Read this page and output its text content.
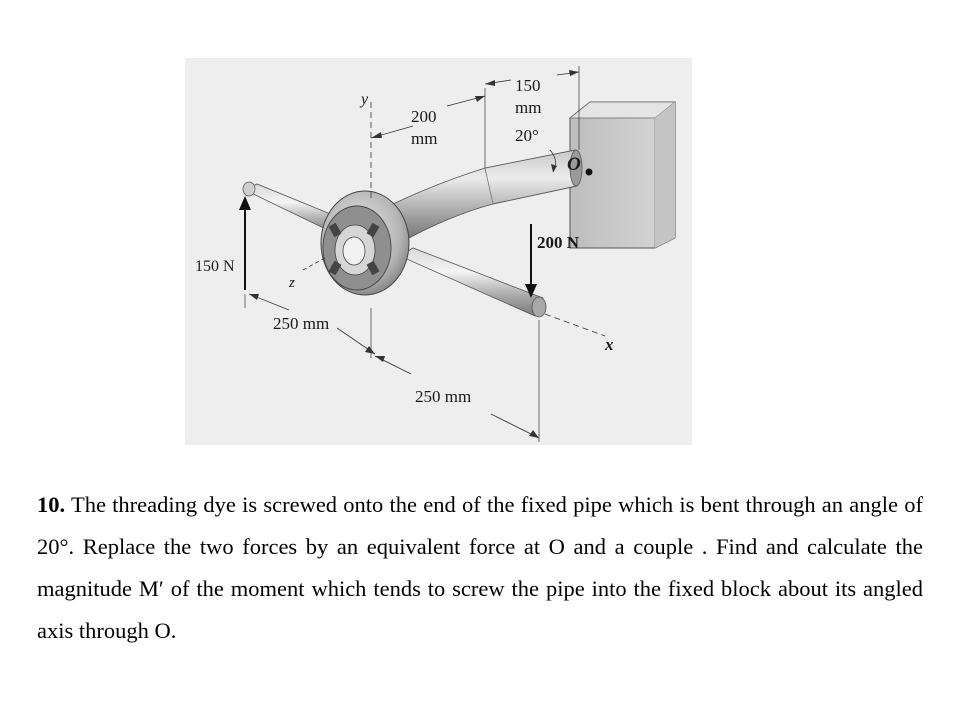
y
200
mm
150
mm
20°
O
150 N
200 N
z
x
250 mm
250 mm

10. The threading dye is screwed onto the end of the fixed pipe which is bent through an angle of 20°. Replace the two forces by an equivalent force at O and a couple . Find and calculate the magnitude M′ of the moment which tends to screw the pipe into the fixed block about its angled axis through O.
